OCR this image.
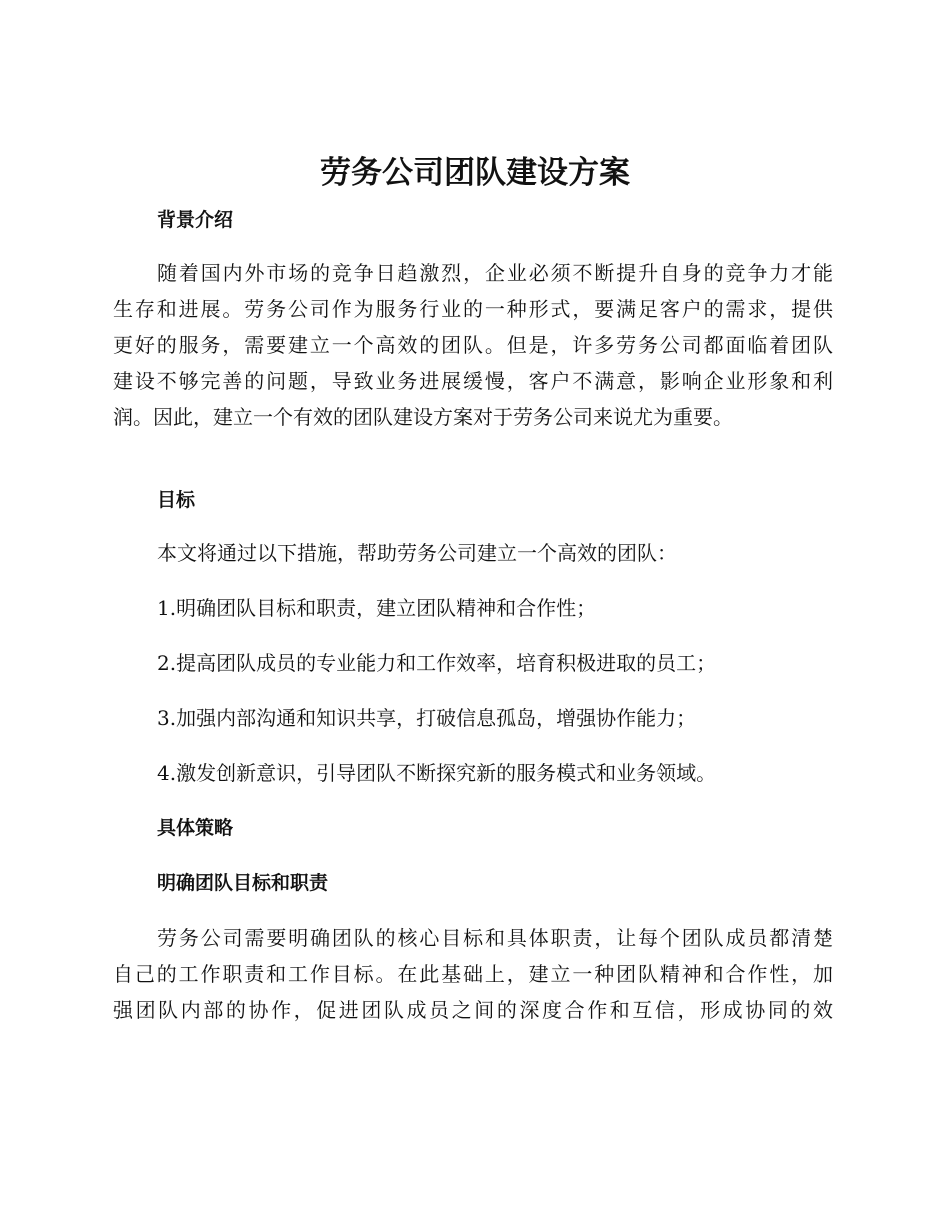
劳务公司团队建设方案
背景介绍
随着国内外市场的竞争日趋激烈，企业必须不断提升自身的竞争力才能
生存和进展。劳务公司作为服务行业的一种形式，要满足客户的需求，提供
更好的服务，需要建立一个高效的团队。但是，许多劳务公司都面临着团队
建设不够完善的问题，导致业务进展缓慢，客户不满意，影响企业形象和利
润。因此，建立一个有效的团队建设方案对于劳务公司来说尤为重要。
目标

本文将通过以下措施，帮助劳务公司建立一个高效的团队：

1.明确团队目标和职责，建立团队精神和合作性；

2.提高团队成员的专业能力和工作效率，培育积极进取的员工；

3.加强内部沟通和知识共享，打破信息孤岛，增强协作能力；

4.激发创新意识，引导团队不断探究新的服务模式和业务领域。

具体策略
明确团队目标和职责
劳务公司需要明确团队的核心目标和具体职责，让每个团队成员都清楚
自己的工作职责和工作目标。在此基础上，建立一种团队精神和合作性，加
强团队内部的协作，促进团队成员之间的深度合作和互信，形成协同的效
